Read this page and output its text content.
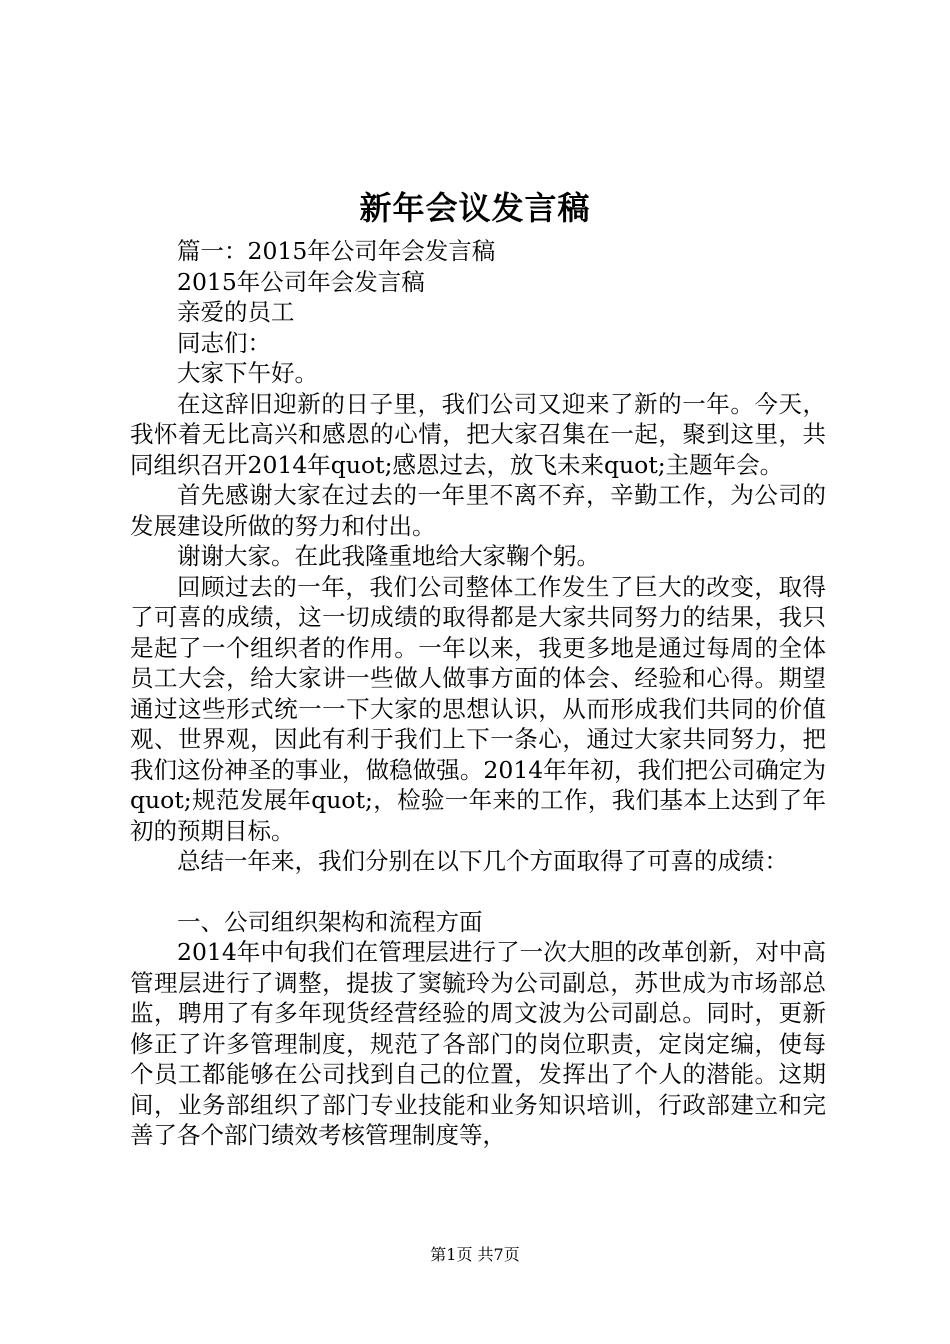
新年会议发言稿

篇一：2015年公司年会发言稿

2015年公司年会发言稿

亲爱的员工

同志们：

大家下午好。

在这辞旧迎新的日子里，我们公司又迎来了新的一年。今天，我怀着无比高兴和感恩的心情，把大家召集在一起，聚到这里，共同组织召开2014年quot;感恩过去，放飞未来quot;主题年会。

首先感谢大家在过去的一年里不离不弃，辛勤工作，为公司的发展建设所做的努力和付出。

谢谢大家。在此我隆重地给大家鞠个躬。

回顾过去的一年，我们公司整体工作发生了巨大的改变，取得了可喜的成绩，这一切成绩的取得都是大家共同努力的结果，我只是起了一个组织者的作用。一年以来，我更多地是通过每周的全体员工大会，给大家讲一些做人做事方面的体会、经验和心得。期望通过这些形式统一一下大家的思想认识，从而形成我们共同的价值观、世界观，因此有利于我们上下一条心，通过大家共同努力，把我们这份神圣的事业，做稳做强。2014年年初，我们把公司确定为quot;规范发展年quot;，检验一年来的工作，我们基本上达到了年初的预期目标。

总结一年来，我们分别在以下几个方面取得了可喜的成绩：

一、公司组织架构和流程方面

2014年中旬我们在管理层进行了一次大胆的改革创新，对中高管理层进行了调整，提拔了窦毓玲为公司副总，苏世成为市场部总监，聘用了有多年现货经营经验的周文波为公司副总。同时，更新修正了许多管理制度，规范了各部门的岗位职责，定岗定编，使每个员工都能够在公司找到自己的位置，发挥出了个人的潜能。这期间，业务部组织了部门专业技能和业务知识培训，行政部建立和完善了各个部门绩效考核管理制度等，

第1页 共7页
